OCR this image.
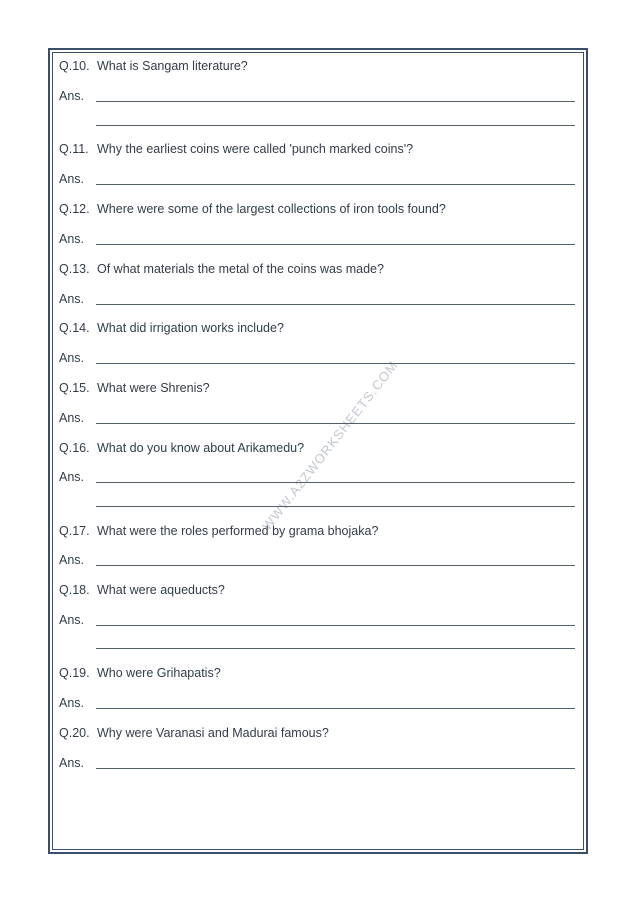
WWW.A2ZWORKSHEETS.COM
Q.10. What is Sangam literature?
Ans.
Q.11. Why the earliest coins were called 'punch marked coins'?
Ans.
Q.12. Where were some of the largest collections of iron tools found?
Ans.
Q.13. Of what materials the metal of the coins was made?
Ans.
Q.14. What did irrigation works include?
Ans.
Q.15. What were Shrenis?
Ans.
Q.16. What do you know about Arikamedu?
Ans.
Q.17. What were the roles performed by grama bhojaka?
Ans.
Q.18. What were aqueducts?
Ans.
Q.19. Who were Grihapatis?
Ans.
Q.20. Why were Varanasi and Madurai famous?
Ans.
